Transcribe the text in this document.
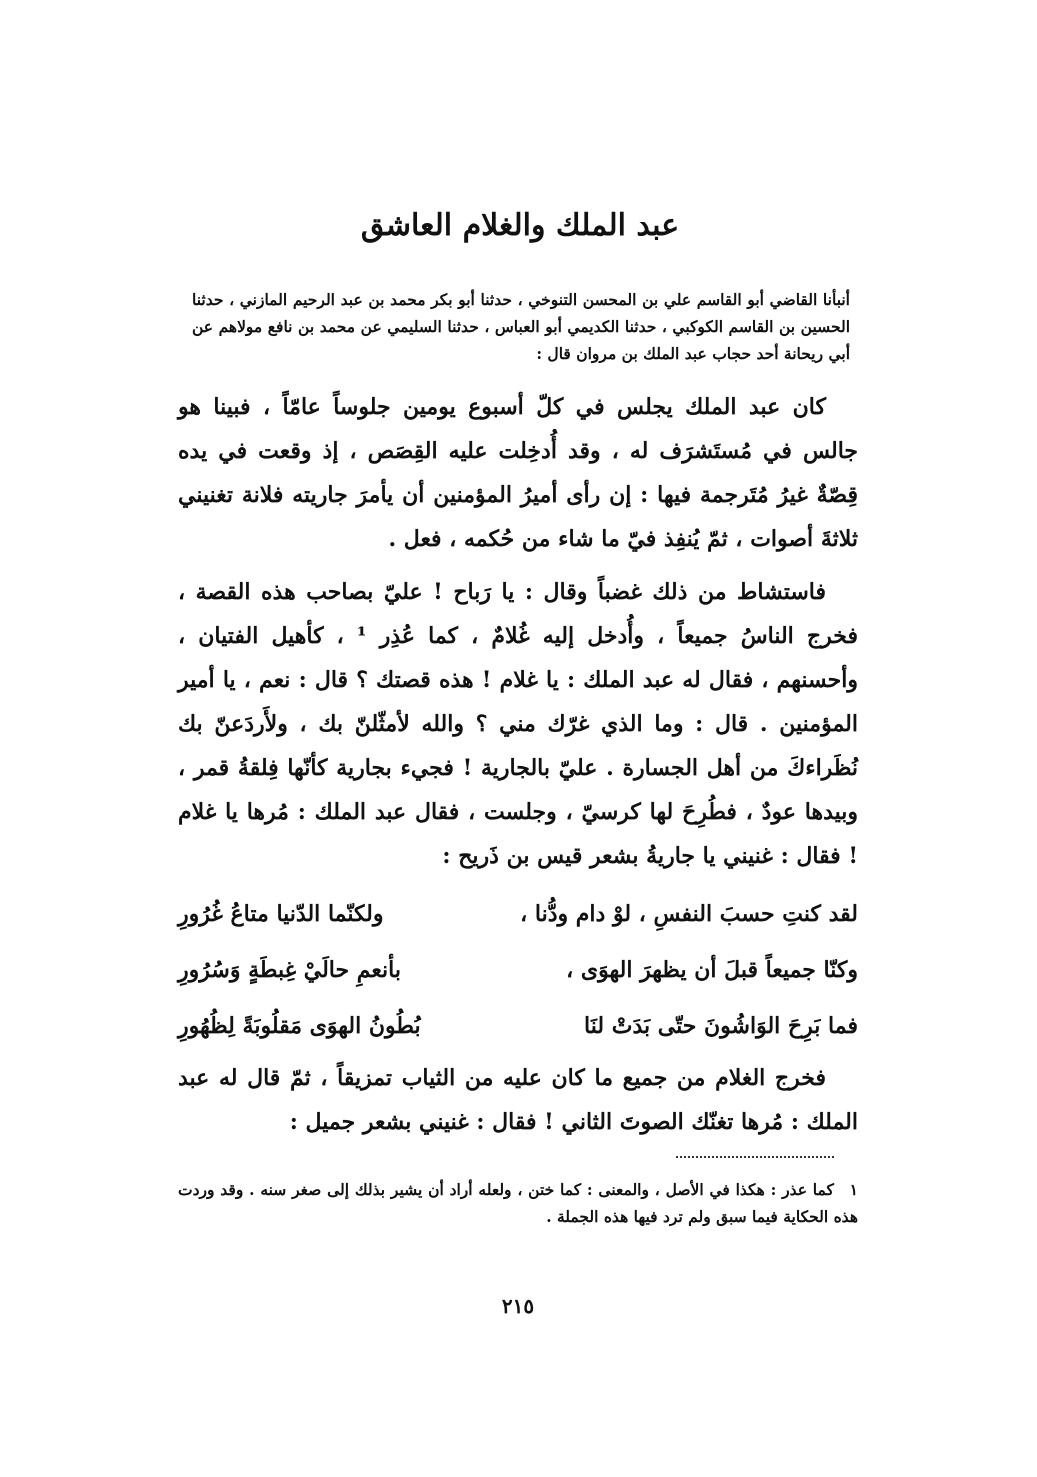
عبد الملك والغلام العاشق
أنبأنا القاضي أبو القاسم علي بن المحسن التنوخي ، حدثنا أبو بكر محمد بن عبد الرحيم المازني ، حدثنا الحسين بن القاسم الكوكبي ، حدثنا الكديمي أبو العباس ، حدثنا السليمي عن محمد بن نافع مولاهم عن أبي ريحانة أحد حجاب عبد الملك بن مروان قال :
كان عبد الملك يجلس في كلّ أسبوع يومين جلوساً عامّاً ، فبينا هو جالس في مُستَشرَف له ، وقد أُدخِلت عليه القِصَص ، إذ وقعت في يده قِصّةٌ غيرُ مُتَرجمة فيها : إن رأى أميرُ المؤمنين أن يأمرَ جاريته فلانة تغنيني ثلاثةَ أصوات ، ثمّ يُنفِذ فيّ ما شاء من حُكمه ، فعل .
فاستشاط من ذلك غضباً وقال : يا رَباح ! عليّ بصاحب هذه القصة ، فخرج الناسُ جميعاً ، وأُدخل إليه غُلامٌ ، كما عُذِر ¹ ، كأهيل الفتيان ، وأحسنهم ، فقال له عبد الملك : يا غلام ! هذه قصتك ؟ قال : نعم ، يا أمير المؤمنين . قال : وما الذي غرّك مني ؟ والله لأمثّلنّ بك ، ولأَردَعنّ بك نُظَراءكَ من أهل الجسارة . عليّ بالجارية ! فجيء بجارية كأنّها فِلقةُ قمر ، وبيدها عودٌ ، فطُرِحَ لها كرسيّ ، وجلست ، فقال عبد الملك : مُرها يا غلام ! فقال : غنيني يا جاريةُ بشعر قيس بن ذَريح :
لقد كنتِ حسبَ النفسِ ، لوْ دام ودُّنا ،
ولكنّما الدّنيا متاعُ غُرُورِ
وكنّا جميعاً قبلَ أن يظهرَ الهوَى ،
بأنعمِ حالَيْ غِبطَةٍ وَسُرُورِ
فما بَرِحَ الوَاشُونَ حتّى بَدَتْ لنَا
بُطُونُ الهوَى مَقلُوبَةً لِظُهُورِ
فخرج الغلام من جميع ما كان عليه من الثياب تمزيقاً ، ثمّ قال له عبد الملك : مُرها تغنّك الصوتَ الثاني ! فقال : غنيني بشعر جميل :
١ كما عذر : هكذا في الأصل ، والمعنى : كما ختن ، ولعله أراد أن يشير بذلك إلى صغر سنه . وقد وردت هذه الحكاية فيما سبق ولم ترد فيها هذه الجملة .
٢١٥
